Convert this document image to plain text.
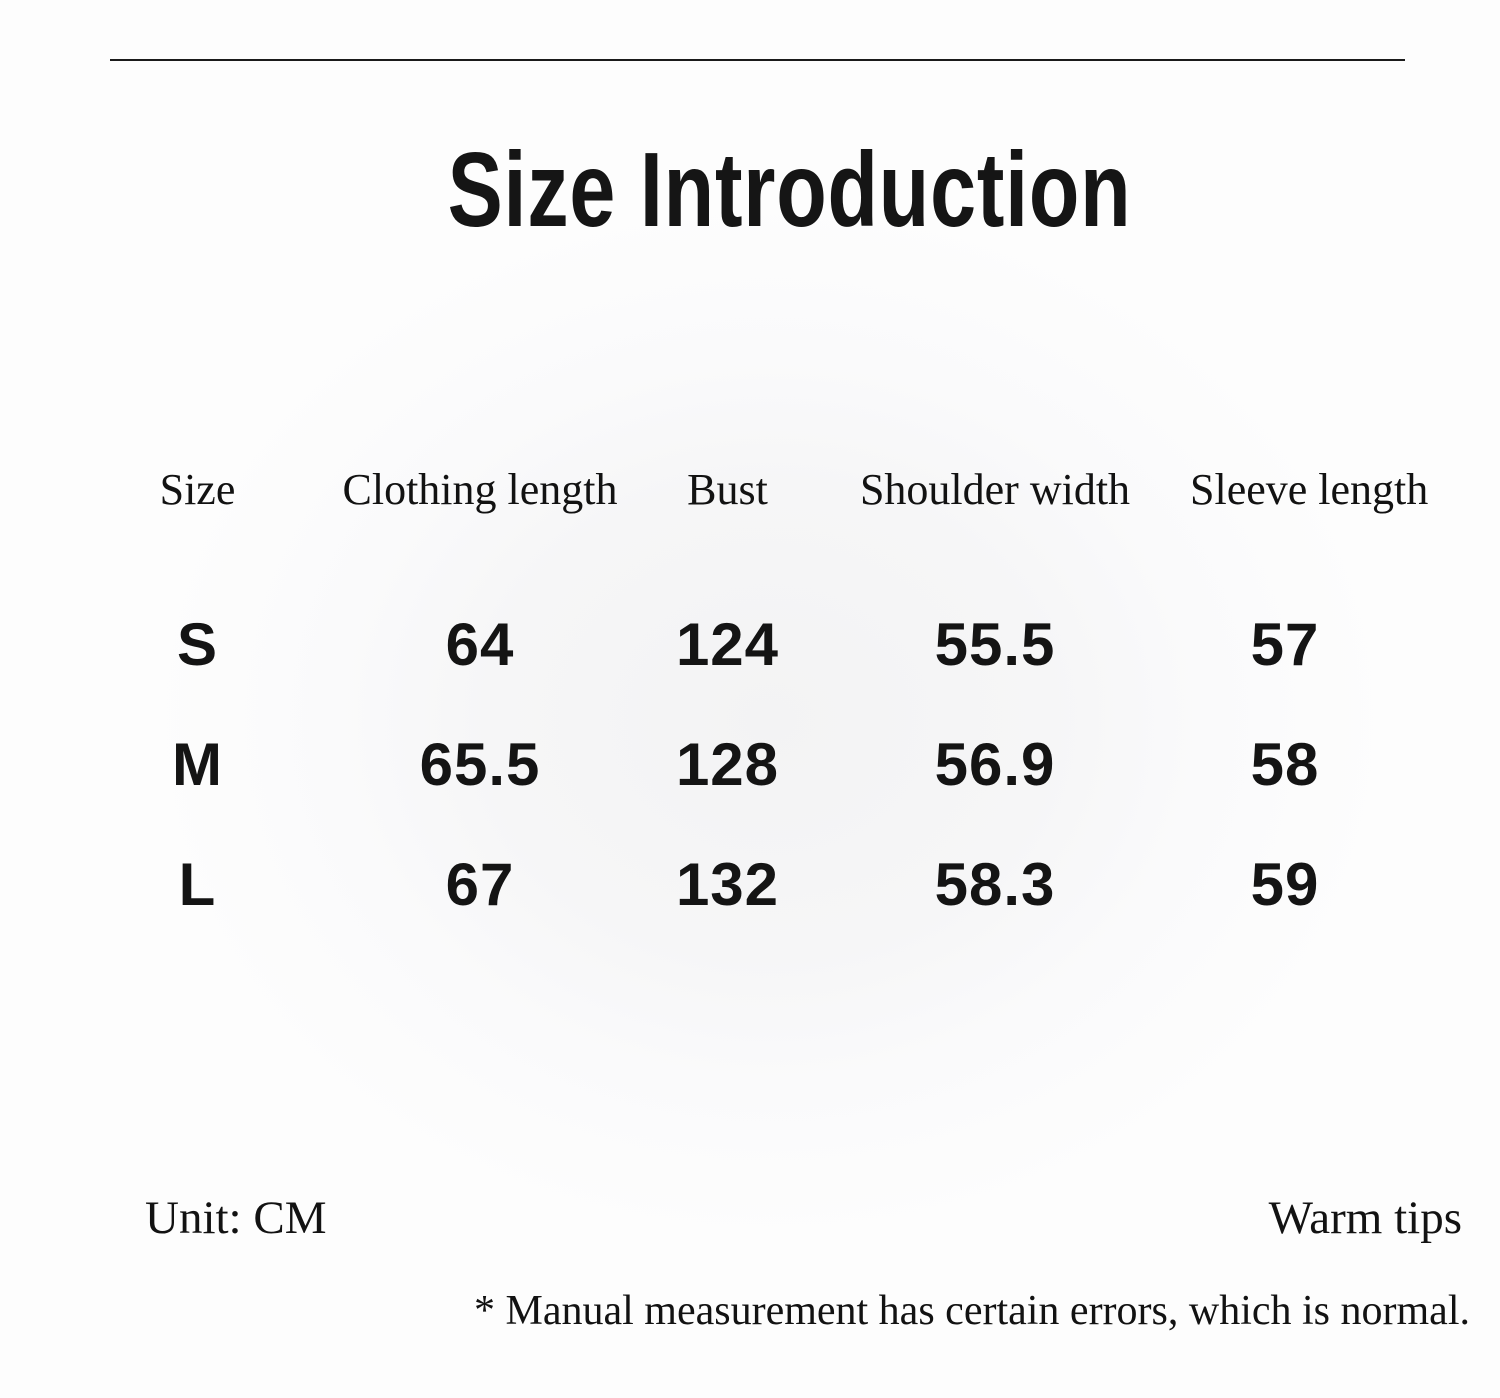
Size Introduction
Size	Clothing length	Bust	Shoulder width	Sleeve length
S	64	124	55.5	57
M	65.5	128	56.9	58
L	67	132	58.3	59
Unit: CM	Warm tips
* Manual measurement has certain errors, which is normal.
